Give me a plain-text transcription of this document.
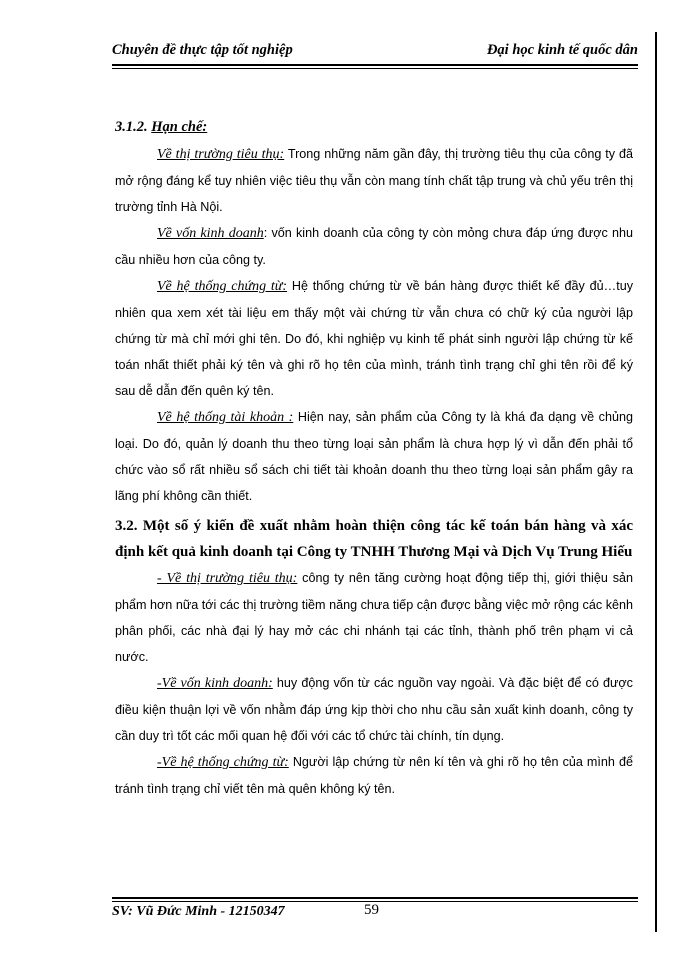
Chuyên đề thực tập tốt nghiệp	Đại học kinh tế quốc dân
3.1.2. Hạn chế:

Về thị trường tiêu thụ: Trong những năm gần đây, thị trường tiêu thụ của công ty đã mở rộng đáng kể tuy nhiên việc tiêu thụ vẫn còn mang tính chất tập trung và chủ yếu trên thị trường tỉnh Hà Nội.

Về vốn kinh doanh: vốn kinh doanh của công ty còn mỏng chưa đáp ứng được nhu cầu nhiều hơn của công ty.

Về hệ thống chứng từ: Hệ thống chứng từ về bán hàng được thiết kế đầy đủ…tuy nhiên qua xem xét tài liệu em thấy một vài chứng từ vẫn chưa có chữ ký của người lập chứng từ mà chỉ mới ghi tên. Do đó, khi nghiệp vụ kinh tế phát sinh người lập chứng từ kế toán nhất thiết phải ký tên và ghi rõ họ tên của mình, tránh tình trạng chỉ ghi tên rồi để ký sau dễ dẫn đến quên ký tên.

Về hệ thống tài khoản : Hiện nay, sản phẩm của Công ty là khá đa dạng về chủng loại. Do đó, quản lý doanh thu theo từng loại sản phẩm là chưa hợp lý vì dẫn đến phải tổ chức vào sổ rất nhiều sổ sách chi tiết tài khoản doanh thu theo từng loại sản phẩm gây ra lãng phí không cần thiết.

3.2. Một số ý kiến đề xuất nhằm hoàn thiện công tác kế toán bán hàng và xác định kết quả kinh doanh tại Công ty TNHH Thương Mại và Dịch Vụ Trung Hiếu

- Về thị trường tiêu thụ: công ty nên tăng cường hoạt động tiếp thị, giới thiệu sản phẩm hơn nữa tới các thị trường tiềm năng chưa tiếp cận được bằng việc mở rộng các kênh phân phối, các nhà đại lý hay mở các chi nhánh tại các tỉnh, thành phố trên phạm vi cả nước.

-Về vốn kinh doanh: huy động vốn từ các nguồn vay ngoài. Và đặc biệt để có được điều kiện thuận lợi về vốn nhằm đáp ứng kịp thời cho nhu cầu sản xuất kinh doanh, công ty cần duy trì tốt các mối quan hệ đối với các tổ chức tài chính, tín dụng.

-Về hệ thống chứng từ: Người lập chứng từ nên kí tên và ghi rõ họ tên của mình để tránh tình trạng chỉ viết tên mà quên không ký tên.

SV: Vũ Đức Minh - 12150347	59
